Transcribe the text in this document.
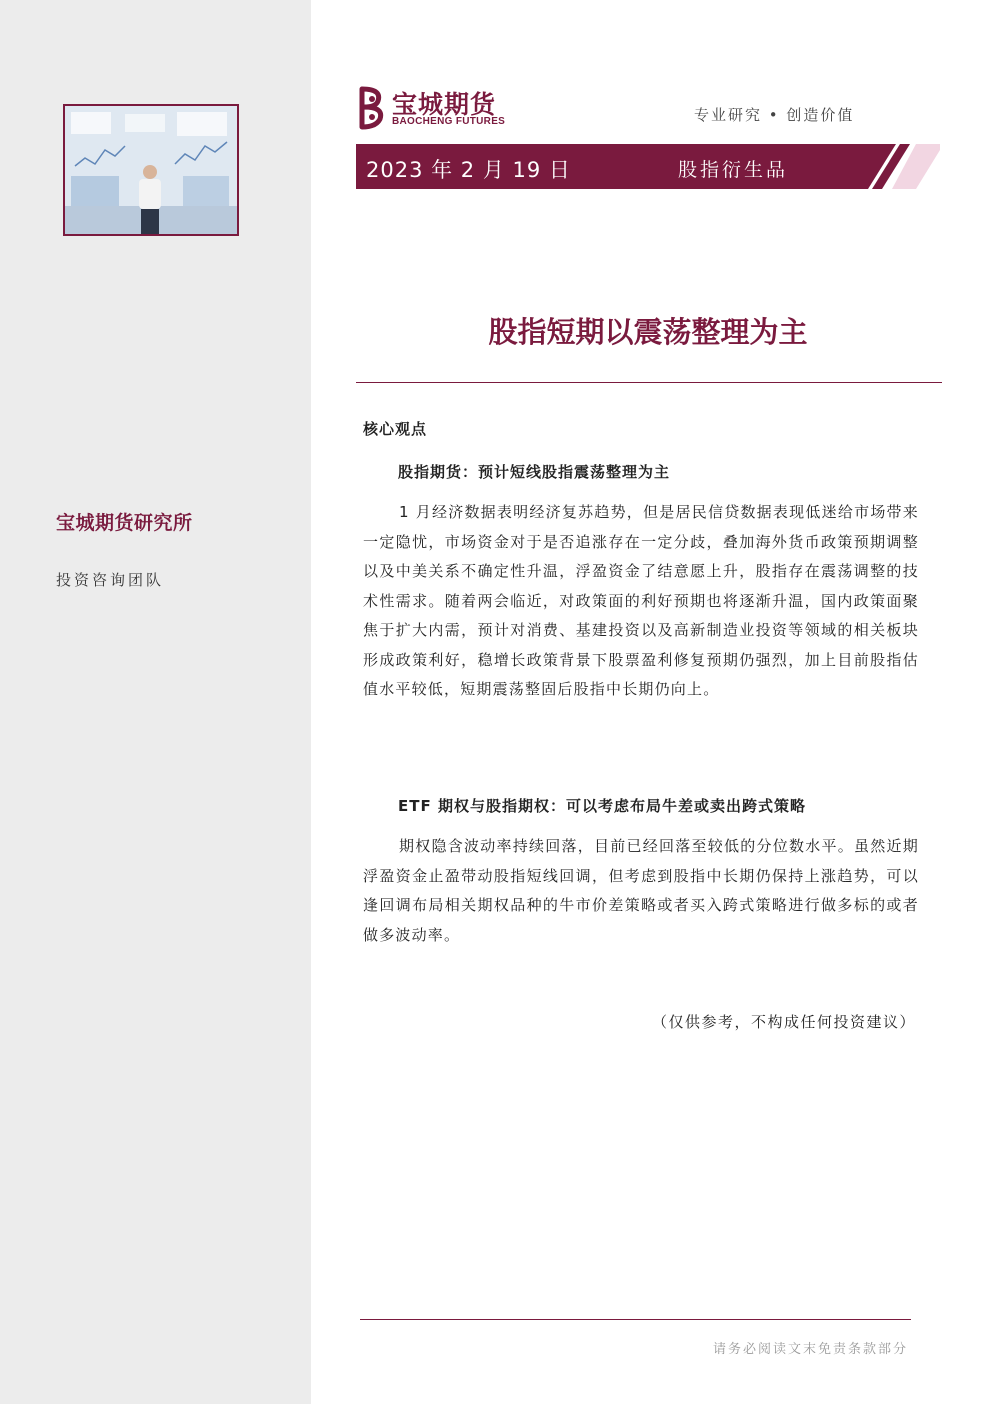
宝城期货研究所
投资咨询团队
宝城期货
BAOCHENG FUTURES	专业研究 • 创造价值
2023 年 2 月 19 日	股指衍生品
股指短期以震荡整理为主
核心观点
股指期货：预计短线股指震荡整理为主
1 月经济数据表明经济复苏趋势，但是居民信贷数据表现低迷给市场带来一定隐忧，市场资金对于是否追涨存在一定分歧，叠加海外货币政策预期调整以及中美关系不确定性升温，浮盈资金了结意愿上升，股指存在震荡调整的技术性需求。随着两会临近，对政策面的利好预期也将逐渐升温，国内政策面聚焦于扩大内需，预计对消费、基建投资以及高新制造业投资等领域的相关板块形成政策利好，稳增长政策背景下股票盈利修复预期仍强烈，加上目前股指估值水平较低，短期震荡整固后股指中长期仍向上。
ETF 期权与股指期权：可以考虑布局牛差或卖出跨式策略
期权隐含波动率持续回落，目前已经回落至较低的分位数水平。虽然近期浮盈资金止盈带动股指短线回调，但考虑到股指中长期仍保持上涨趋势，可以逢回调布局相关期权品种的牛市价差策略或者买入跨式策略进行做多标的或者做多波动率。
（仅供参考，不构成任何投资建议）
请务必阅读文末免责条款部分
